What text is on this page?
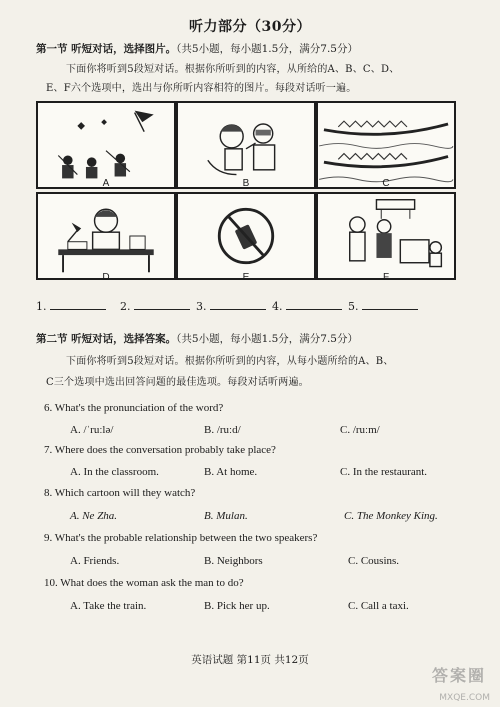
听力部分（30分）
第一节 听短对话，选择图片。（共5小题，每小题1.5分，满分7.5分）
下面你将听到5段短对话。根据你所听到的内容，从所给的A、B、C、D、
E、F六个选项中，选出与你所听内容相符的图片。每段对话听一遍。
A	B	C
D	E	F
1.	2.	3.	4.	5.
第二节 听短对话，选择答案。（共5小题，每小题1.5分，满分7.5分）
下面你将听到5段短对话。根据你所听到的内容，从每小题所给的A、B、
C三个选项中选出回答问题的最佳选项。每段对话听两遍。
6. What's the pronunciation of the word?
A. /ˈruːlə/	B. /ruːd/	C. /ruːm/
7. Where does the conversation probably take place?
A. In the classroom.	B. At home.	C. In the restaurant.
8. Which cartoon will they watch?
A. Ne Zha.	B. Mulan.	C. The Monkey King.
9. What's the probable relationship between the two speakers?
A. Friends.	B. Neighbors	C. Cousins.
10. What does the woman ask the man to do?
A. Take the train.	B. Pick her up.	C. Call a taxi.
英语试题 第11页 共12页
答案圈
MXQE.COM
